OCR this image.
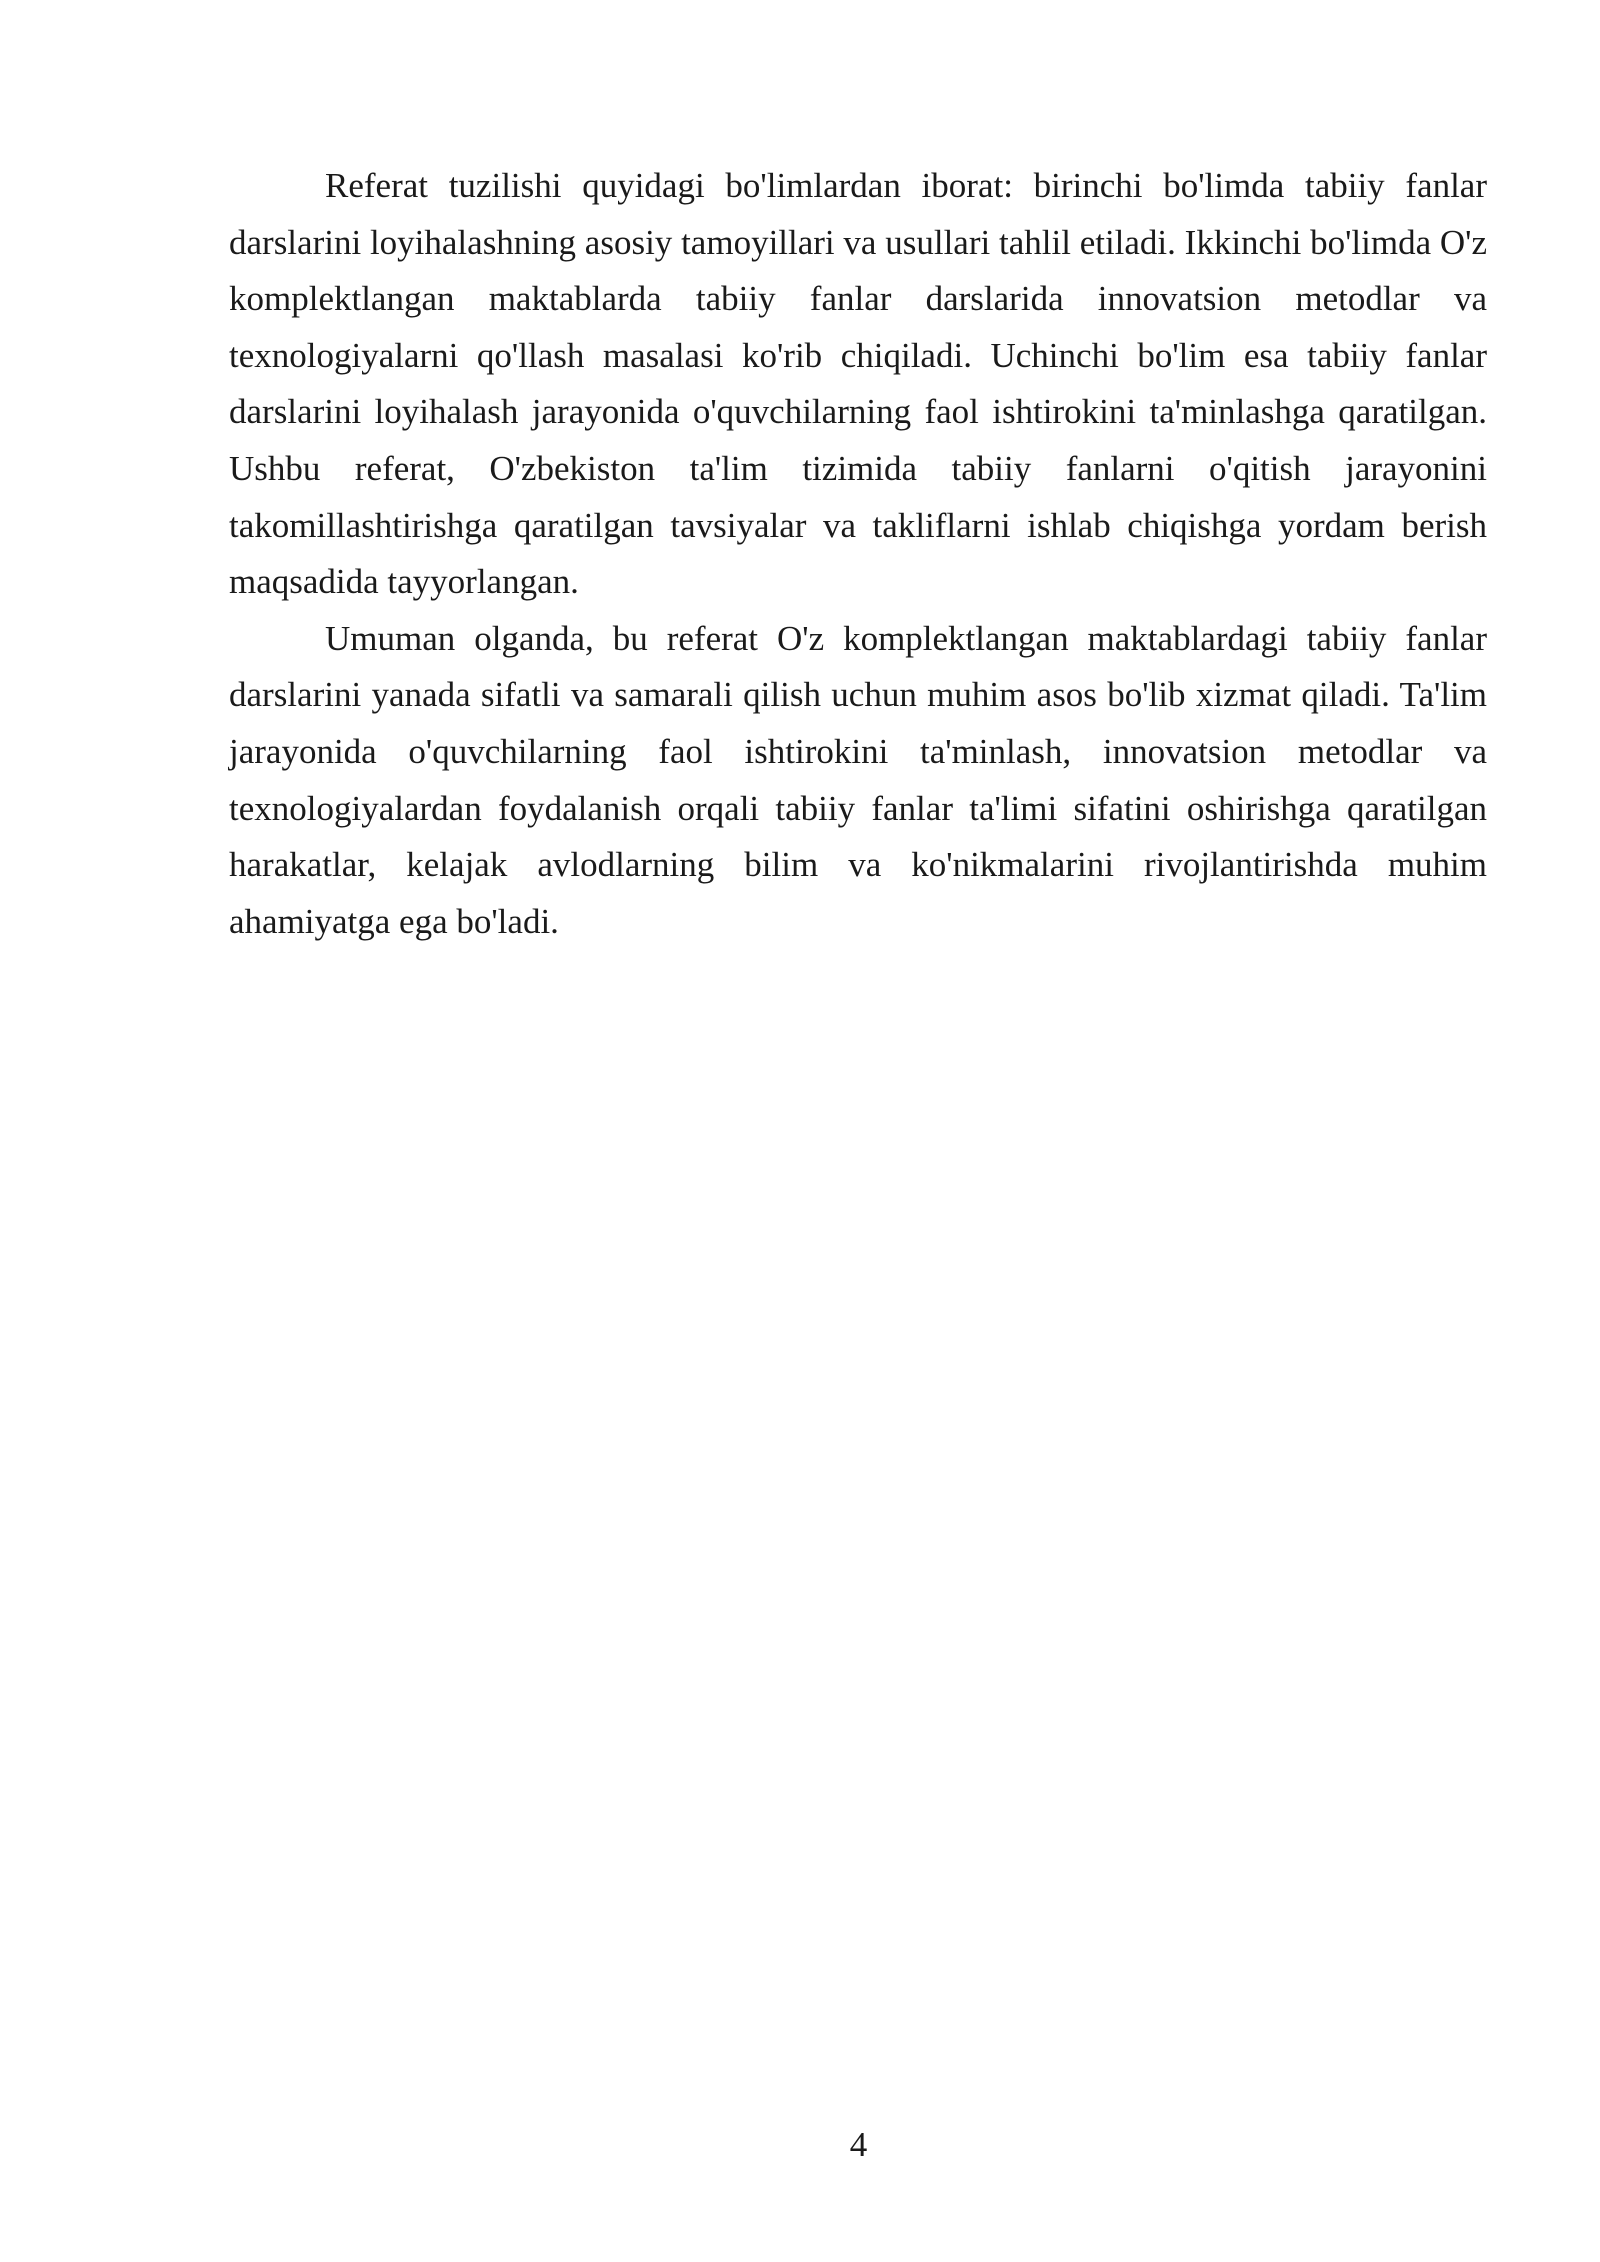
Referat tuzilishi quyidagi bo'limlardan iborat: birinchi bo'limda tabiiy fanlar darslarini loyihalashning asosiy tamoyillari va usullari tahlil etiladi. Ikkinchi bo'limda O'z komplektlangan maktablarda tabiiy fanlar darslarida innovatsion metodlar va texnologiyalarni qo'llash masalasi ko'rib chiqiladi. Uchinchi bo'lim esa tabiiy fanlar darslarini loyihalash jarayonida o'quvchilarning faol ishtirokini ta'minlashga qaratilgan. Ushbu referat, O'zbekiston ta'lim tizimida tabiiy fanlarni o'qitish jarayonini takomillashtirishga qaratilgan tavsiyalar va takliflarni ishlab chiqishga yordam berish maqsadida tayyorlangan.

Umuman olganda, bu referat O'z komplektlangan maktablardagi tabiiy fanlar darslarini yanada sifatli va samarali qilish uchun muhim asos bo'lib xizmat qiladi. Ta'lim jarayonida o'quvchilarning faol ishtirokini ta'minlash, innovatsion metodlar va texnologiyalardan foydalanish orqali tabiiy fanlar ta'limi sifatini oshirishga qaratilgan harakatlar, kelajak avlodlarning bilim va ko'nikmalarini rivojlantirishda muhim ahamiyatga ega bo'ladi.

4
